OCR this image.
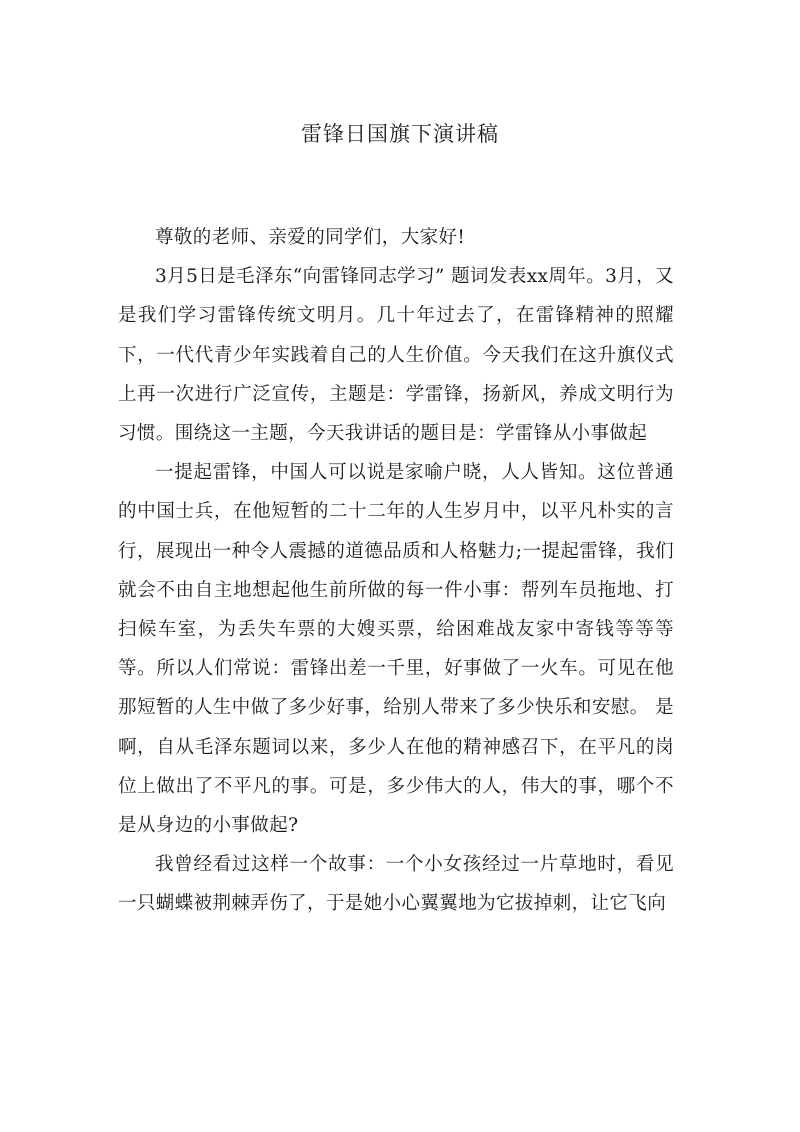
雷锋日国旗下演讲稿

尊敬的老师、亲爱的同学们，大家好!

3月5日是毛泽东“向雷锋同志学习” 题词发表xx周年。3月，又是我们学习雷锋传统文明月。几十年过去了，在雷锋精神的照耀下，一代代青少年实践着自己的人生价值。今天我们在这升旗仪式上再一次进行广泛宣传，主题是：学雷锋，扬新风，养成文明行为习惯。围绕这一主题，今天我讲话的题目是：学雷锋从小事做起

一提起雷锋，中国人可以说是家喻户晓，人人皆知。这位普通的中国士兵，在他短暂的二十二年的人生岁月中，以平凡朴实的言行，展现出一种令人震撼的道德品质和人格魅力;一提起雷锋，我们就会不由自主地想起他生前所做的每一件小事：帮列车员拖地、打扫候车室，为丢失车票的大嫂买票，给困难战友家中寄钱等等等等。所以人们常说：雷锋出差一千里，好事做了一火车。可见在他那短暂的人生中做了多少好事，给别人带来了多少快乐和安慰。 是啊，自从毛泽东题词以来，多少人在他的精神感召下，在平凡的岗位上做出了不平凡的事。可是，多少伟大的人，伟大的事，哪个不是从身边的小事做起?

我曾经看过这样一个故事：一个小女孩经过一片草地时，看见一只蝴蝶被荆棘弄伤了，于是她小心翼翼地为它拔掉刺，让它飞向
